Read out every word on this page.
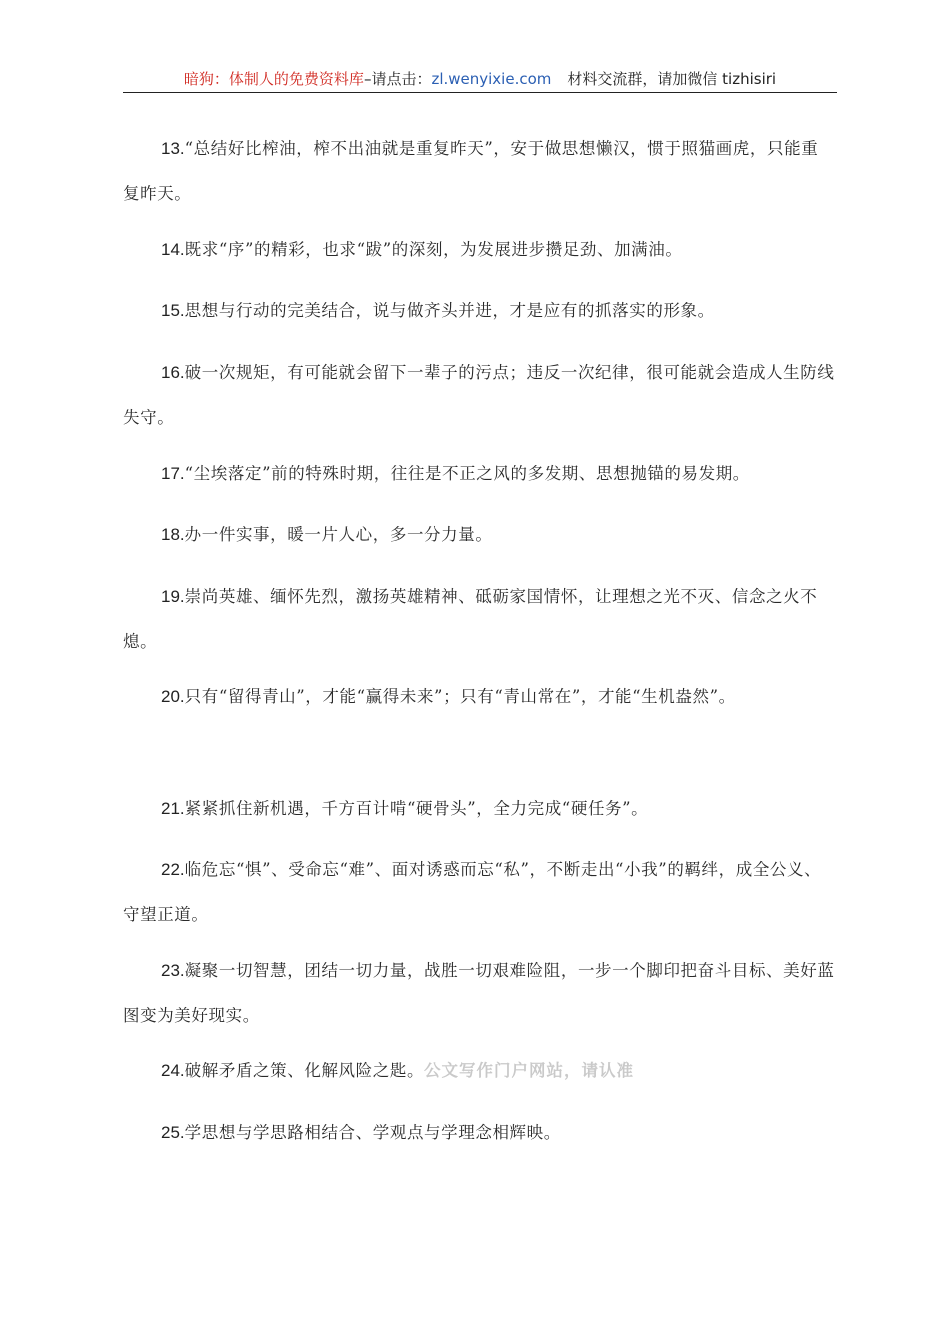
暗狗：体制人的免费资料库–请点击：zl.wenyixie.com 材料交流群，请加微信 tizhisiri

13.“总结好比榨油，榨不出油就是重复昨天”，安于做思想懒汉，惯于照猫画虎，只能重复昨天。

14.既求“序”的精彩，也求“跋”的深刻，为发展进步攒足劲、加满油。

15.思想与行动的完美结合，说与做齐头并进，才是应有的抓落实的形象。

16.破一次规矩，有可能就会留下一辈子的污点；违反一次纪律，很可能就会造成人生防线失守。

17.“尘埃落定”前的特殊时期，往往是不正之风的多发期、思想抛锚的易发期。

18.办一件实事，暖一片人心，多一分力量。

19.崇尚英雄、缅怀先烈，激扬英雄精神、砥砺家国情怀，让理想之光不灭、信念之火不熄。

20.只有“留得青山”，才能“赢得未来”；只有“青山常在”，才能“生机盎然”。

21.紧紧抓住新机遇，千方百计啃“硬骨头”，全力完成“硬任务”。

22.临危忘“惧”、受命忘“难”、面对诱惑而忘“私”，不断走出“小我”的羁绊，成全公义、守望正道。

23.凝聚一切智慧，团结一切力量，战胜一切艰难险阻，一步一个脚印把奋斗目标、美好蓝图变为美好现实。

24.破解矛盾之策、化解风险之匙。公文写作门户网站，请认准

25.学思想与学思路相结合、学观点与学理念相辉映。
